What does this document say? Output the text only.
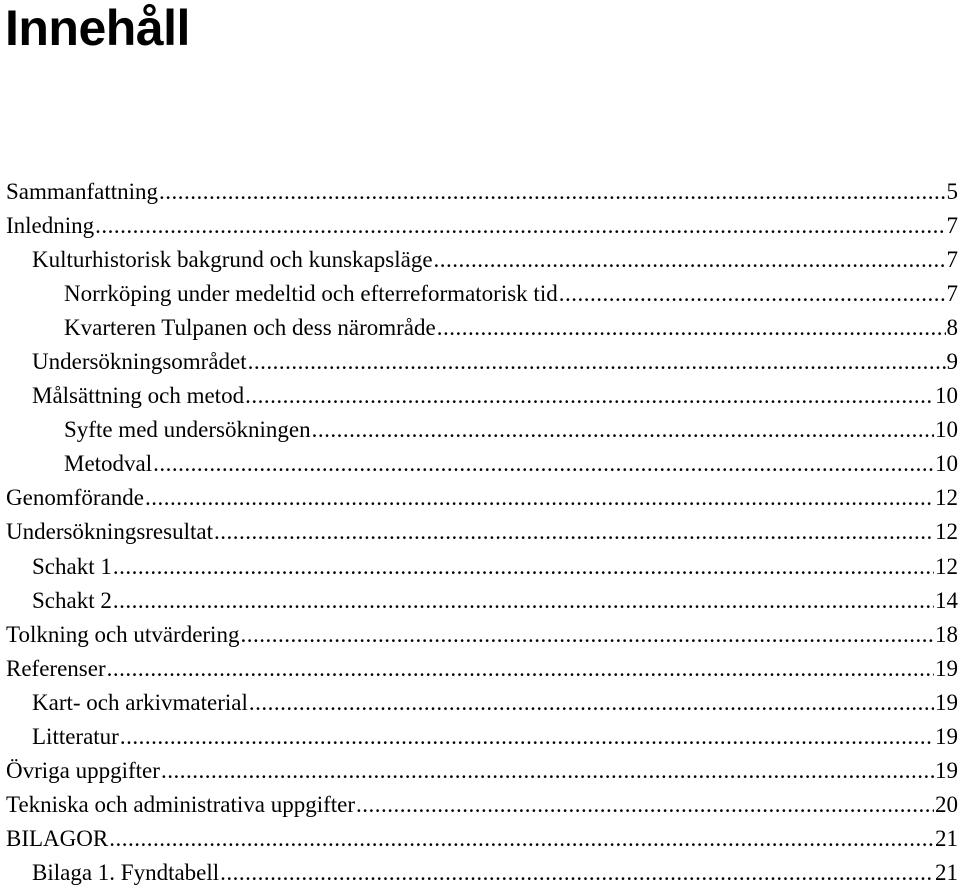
Innehåll
Sammanfattning .....	5
Inledning .....	7
Kulturhistorisk bakgrund och kunskapsläge .....	7
Norrköping under medeltid och efterreformatorisk tid .....	7
Kvarteren Tulpanen och dess närområde .....	8
Undersökningsområdet .....	9
Målsättning och metod .....	10
Syfte med undersökningen .....	10
Metodval .....	10
Genomförande .....	12
Undersökningsresultat .....	12
Schakt 1 .....	12
Schakt 2 .....	14
Tolkning och utvärdering .....	18
Referenser .....	19
Kart- och arkivmaterial .....	19
Litteratur .....	19
Övriga uppgifter .....	19
Tekniska och administrativa uppgifter .....	20
BILAGOR .....	21
Bilaga 1. Fyndtabell .....	21
